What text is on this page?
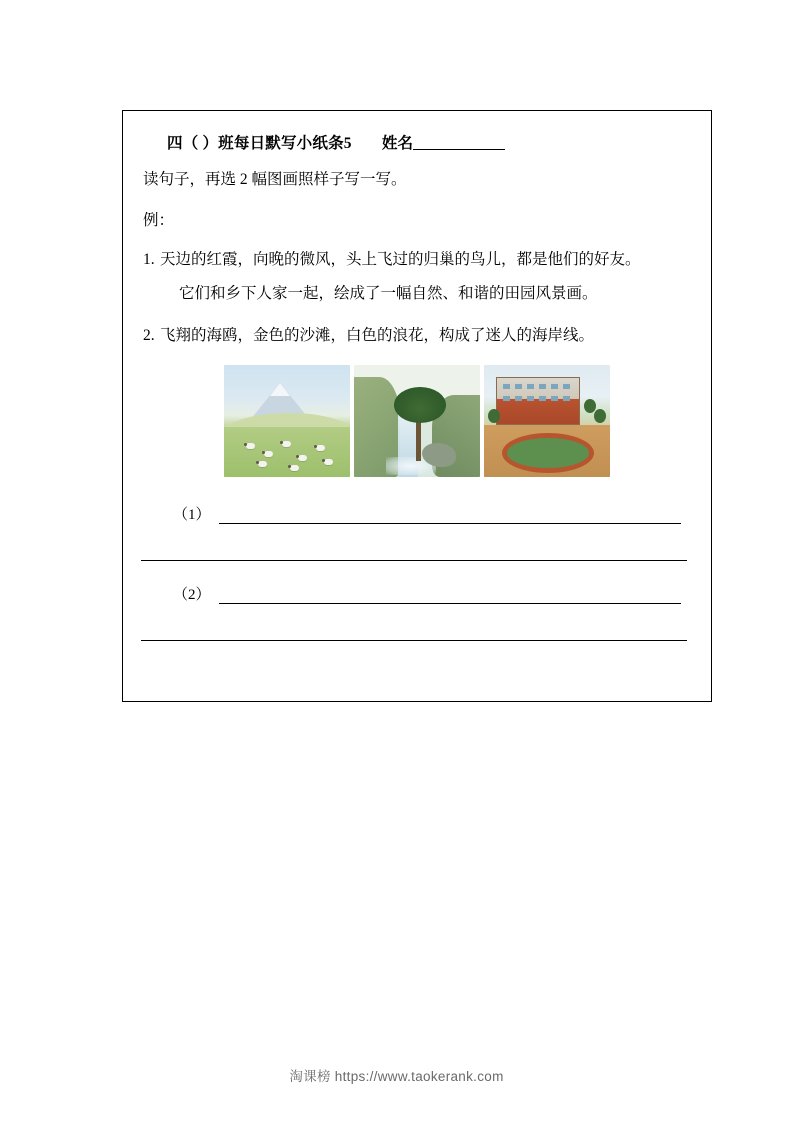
四（ ）班每日默写小纸条5 姓名
读句子，再选 2 幅图画照样子写一写。
例：
1. 天边的红霞，向晚的微风，头上飞过的归巢的鸟儿，都是他们的好友。
它们和乡下人家一起，绘成了一幅自然、和谐的田园风景画。
2. 飞翔的海鸥，金色的沙滩，白色的浪花，构成了迷人的海岸线。
（1）
（2）
淘课榜 https://www.taokerank.com
